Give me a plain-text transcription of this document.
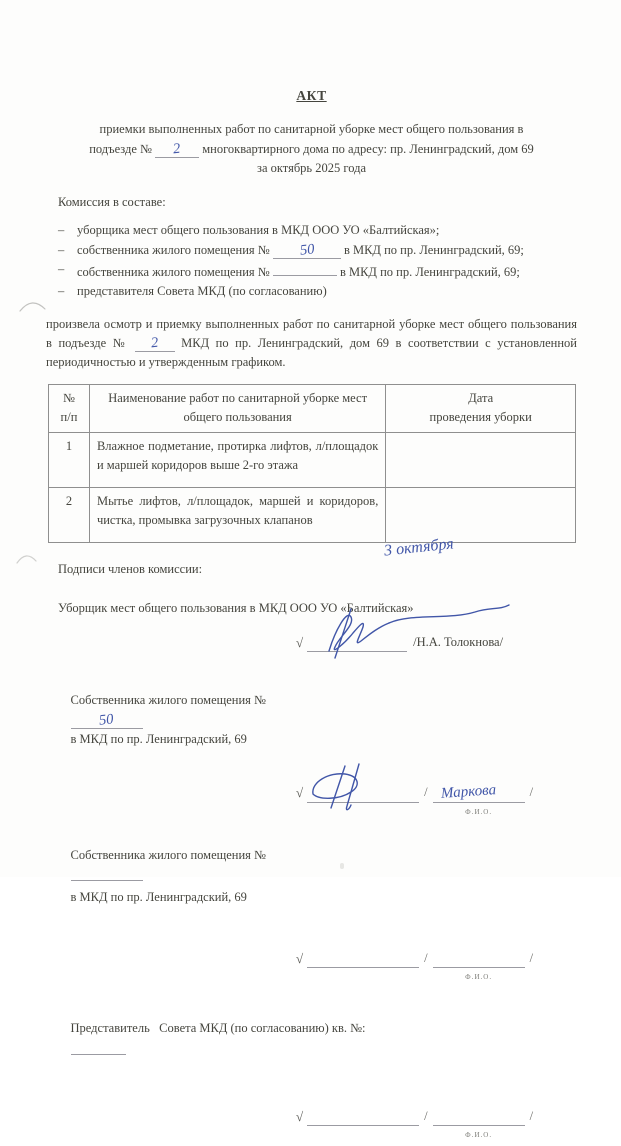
АКТ

приемки выполненных работ по санитарной уборке мест общего пользования в
подъезде № 2 многоквартирного дома по адресу: пр. Ленинградский, дом 69
за октябрь 2025 года

Комиссия в составе:
–	уборщика мест общего пользования в МКД ООО УО «Балтийская»;
–	собственника жилого помещения № 50 в МКД по пр. Ленинградский, 69;
–	собственника жилого помещения №	в МКД по пр. Ленинградский, 69;
–	представителя Совета МКД (по согласованию)

произвела осмотр и приемку выполненных работ по санитарной уборке мест общего пользования в подъезде № 2 МКД по пр. Ленинградский, дом 69 в соответствии с установленной периодичностью и утвержденным графиком.

№
п/п	Наименование работ по санитарной уборке мест общего пользования	Дата
проведения уборки
1	Влажное подметание, протирка лифтов, л/площадок и маршей коридоров выше 2-го этажа	
2	Мытье лифтов, л/площадок, маршей и коридоров, чистка, промывка загрузочных клапанов	3 октября
Подписи членов комиссии:
Уборщик мест общего пользования в МКД ООО УО «Балтийская»
√	/Н.А. Толокнова/

Собственника жилого помещения №
50
в МКД по пр. Ленинградский, 69

√	/ Маркова
Ф.И.О.
/

Собственника жилого помещения №

в МКД по пр. Ленинградский, 69

√	/
Ф.И.О.
/

Представитель   Совета МКД (по согласованию) кв. №:

√	/
Ф.И.О.
/
